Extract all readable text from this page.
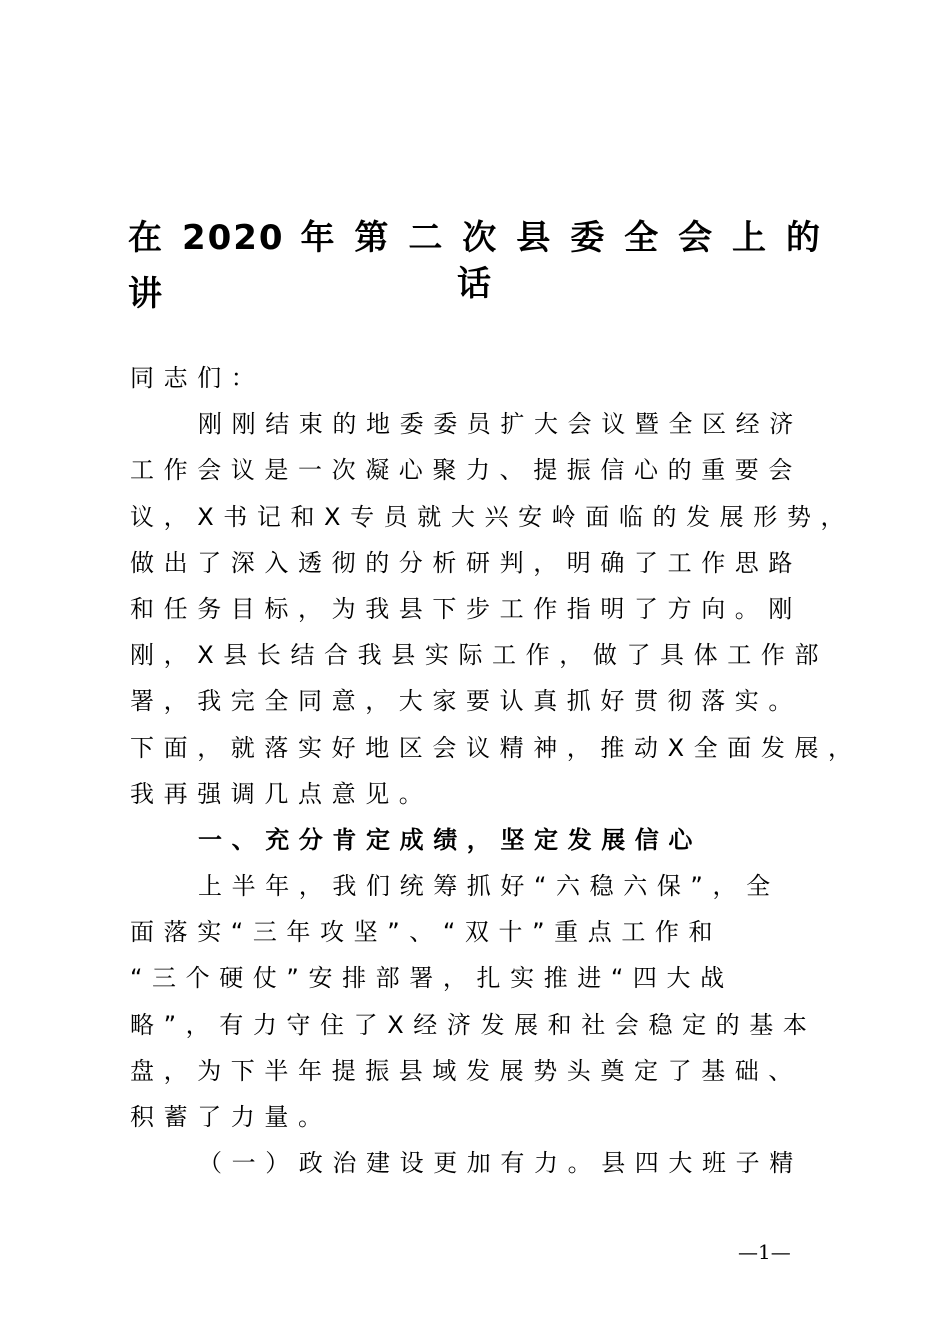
在 2020 年 第 二 次 县 委 全 会 上 的 讲	话
同志们：
刚刚结束的地委委员扩大会议暨全区经济
工作会议是一次凝心聚力、提振信心的重要会
议，X书记和X专员就大兴安岭面临的发展形势，
做出了深入透彻的分析研判，明确了工作思路
和任务目标，为我县下步工作指明了方向。刚
刚，X县长结合我县实际工作，做了具体工作部
署，我完全同意，大家要认真抓好贯彻落实。
下面，就落实好地区会议精神，推动X全面发展，
我再强调几点意见。
一、充分肯定成绩，坚定发展信心
上半年，我们统筹抓好“六稳六保”，全
面落实“三年攻坚”、“双十”重点工作和
“三个硬仗”安排部署，扎实推进“四大战
略”，有力守住了X经济发展和社会稳定的基本
盘，为下半年提振县域发展势头奠定了基础、
积蓄了力量。
（一）政治建设更加有力。县四大班子精
—1—
